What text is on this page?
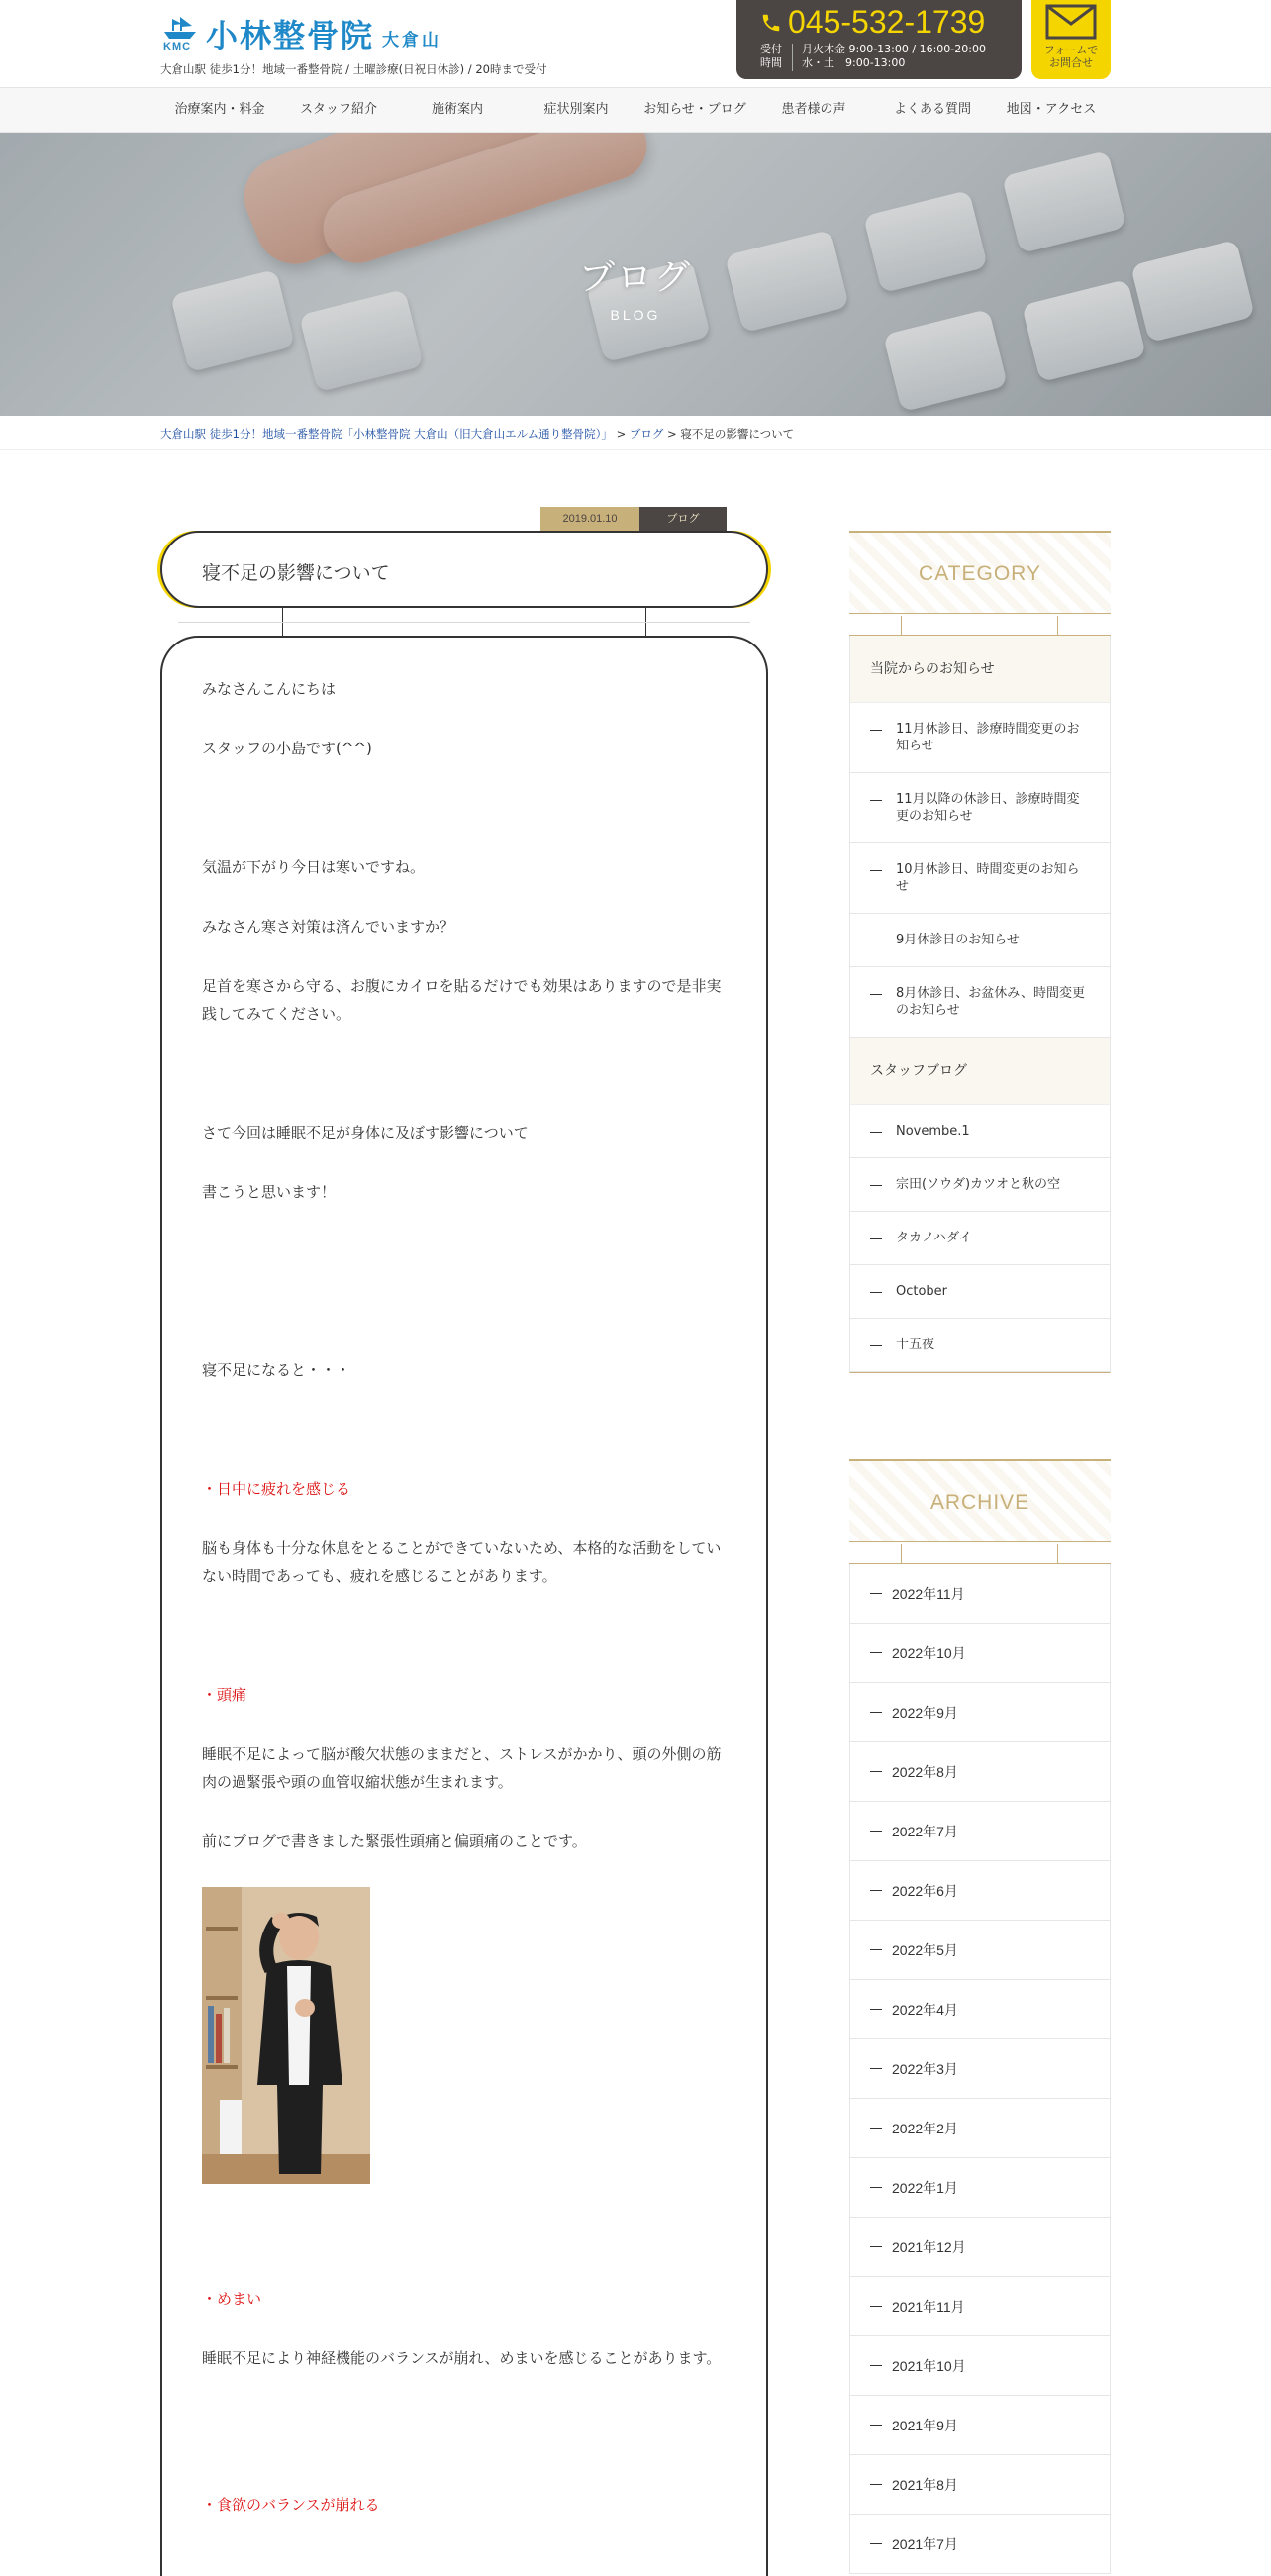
KMC 小林整骨院 大倉山
大倉山駅 徒歩1分！地域一番整骨院 / 土曜診療(日祝日休診) / 20時まで受付
045-532-1739
受付 時間
月火木金 9:00-13:00 / 16:00-20:00
水・土　9:00-13:00
フォームで
お問合せ
治療案内・料金	スタッフ紹介	施術案内	症状別案内	お知らせ・ブログ	患者様の声	よくある質問	地図・アクセス
ブログ
BLOG
大倉山駅 徒歩1分！地域一番整骨院「小林整骨院 大倉山（旧大倉山エルム通り整骨院）」 > ブログ > 寝不足の影響について
2019.01.10	ブログ
寝不足の影響について

みなさんこんにちは

スタッフの小島です(^^)

気温が下がり今日は寒いですね。

みなさん寒さ対策は済んでいますか？

足首を寒さから守る、お腹にカイロを貼るだけでも効果はありますので是非実践してみてください。

さて今回は睡眠不足が身体に及ぼす影響について

書こうと思います！

寝不足になると・・・

・日中に疲れを感じる

脳も身体も十分な休息をとることができていないため、本格的な活動をしていない時間であっても、疲れを感じることがあります。

・頭痛

睡眠不足によって脳が酸欠状態のままだと、ストレスがかかり、頭の外側の筋肉の過緊張や頭の血管収縮状態が生まれます。

前にブログで書きました緊張性頭痛と偏頭痛のことです。

・めまい

睡眠不足により神経機能のバランスが崩れ、めまいを感じることがあります。

・食欲のバランスが崩れる

CATEGORY
当院からのお知らせ
11月休診日、診療時間変更のお知らせ
11月以降の休診日、診療時間変更のお知らせ
10月休診日、時間変更のお知らせ
9月休診日のお知らせ
8月休診日、お盆休み、時間変更のお知らせ
スタッフブログ
Novembe.1
宗田(ソウダ)カツオと秋の空
タカノハダイ
October
十五夜
ARCHIVE
2022年11月
2022年10月
2022年9月
2022年8月
2022年7月
2022年6月
2022年5月
2022年4月
2022年3月
2022年2月
2022年1月
2021年12月
2021年11月
2021年10月
2021年9月
2021年8月
2021年7月
